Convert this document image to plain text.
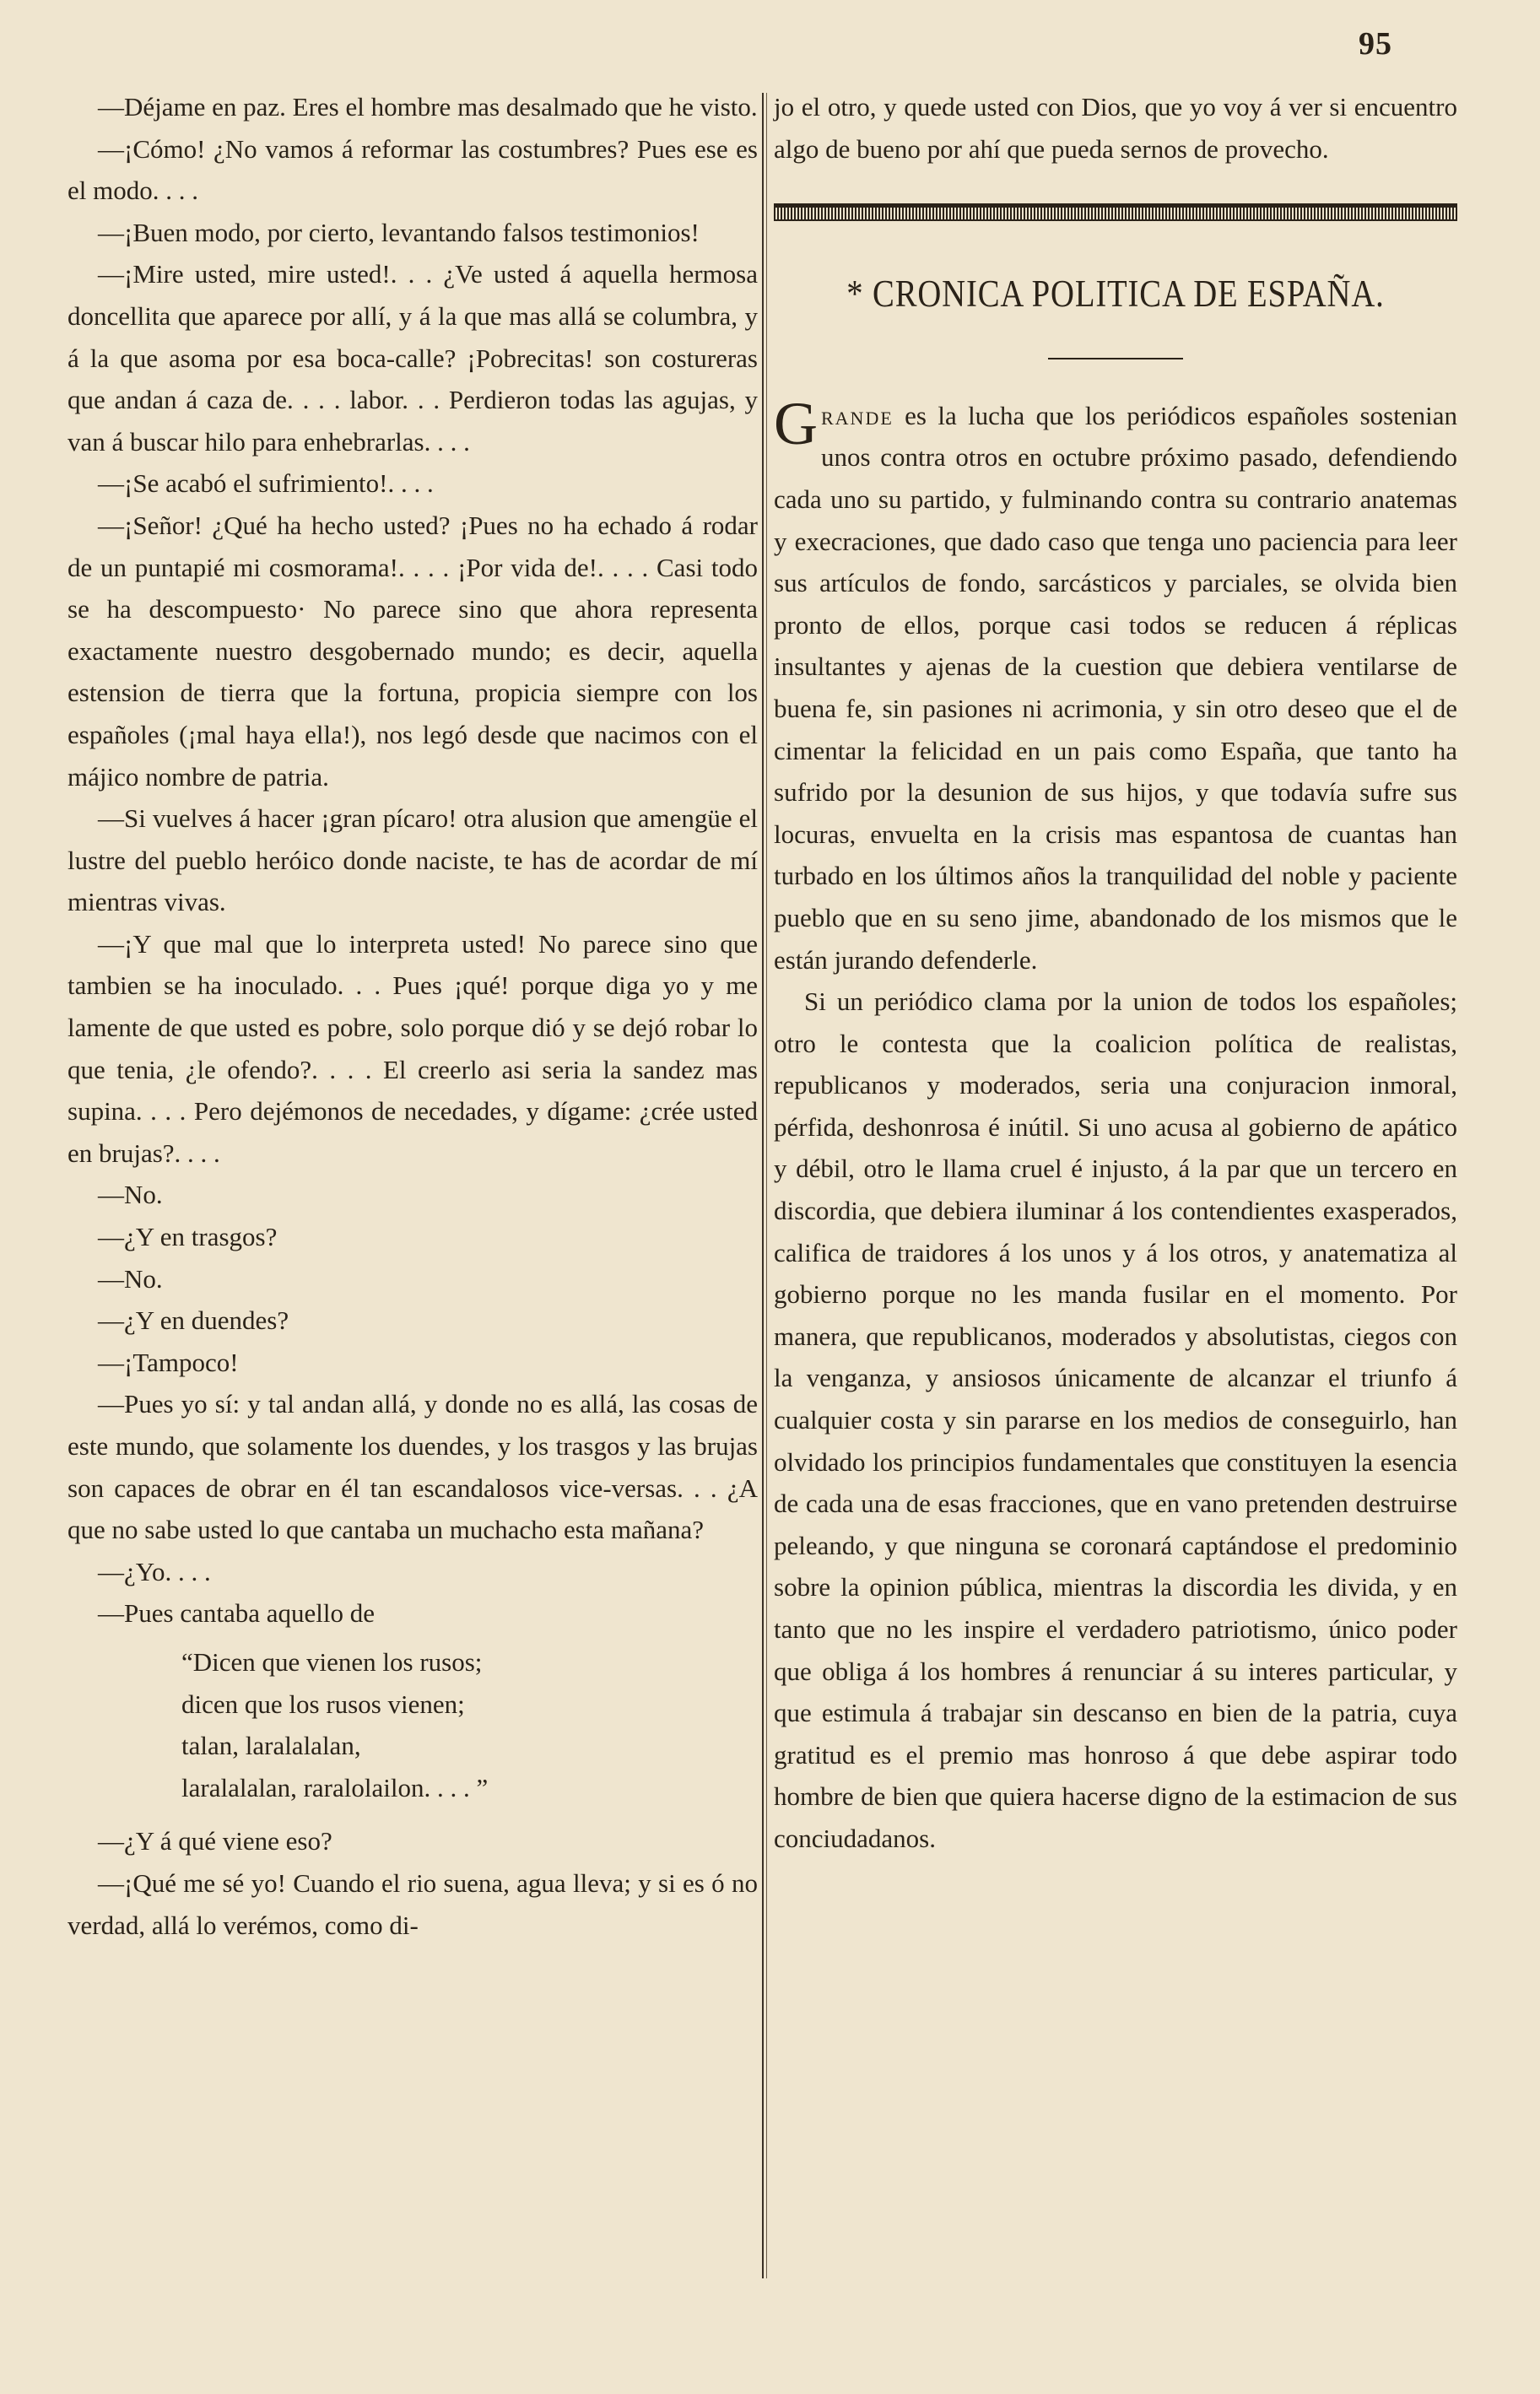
95

—Déjame en paz. Eres el hombre mas desalmado que he visto.

—¡Cómo! ¿No vamos á reformar las costumbres? Pues ese es el modo. . . .

—¡Buen modo, por cierto, levantando falsos testimonios!

—¡Mire usted, mire usted!. . . ¿Ve usted á aquella hermosa doncellita que aparece por allí, y á la que mas allá se columbra, y á la que asoma por esa boca-calle? ¡Pobrecitas! son costureras que andan á caza de. . . . labor. . . Perdieron todas las agujas, y van á buscar hilo para enhebrarlas. . . .

—¡Se acabó el sufrimiento!. . . .

—¡Señor! ¿Qué ha hecho usted? ¡Pues no ha echado á rodar de un puntapié mi cosmorama!. . . . ¡Por vida de!. . . . Casi todo se ha descompuesto· No parece sino que ahora representa exactamente nuestro desgobernado mundo; es decir, aquella estension de tierra que la fortuna, propicia siempre con los españoles (¡mal haya ella!), nos legó desde que nacimos con el májico nombre de patria.

—Si vuelves á hacer ¡gran pícaro! otra alusion que amengüe el lustre del pueblo heróico donde naciste, te has de acordar de mí mientras vivas.

—¡Y que mal que lo interpreta usted! No parece sino que tambien se ha inoculado. . . Pues ¡qué! porque diga yo y me lamente de que usted es pobre, solo porque dió y se dejó robar lo que tenia, ¿le ofendo?. . . . El creerlo asi seria la sandez mas supina. . . . Pero dejémonos de necedades, y dígame: ¿crée usted en brujas?. . . .

—No.

—¿Y en trasgos?

—No.

—¿Y en duendes?

—¡Tampoco!

—Pues yo sí: y tal andan allá, y donde no es allá, las cosas de este mundo, que solamente los duendes, y los trasgos y las brujas son capaces de obrar en él tan escandalosos vice-versas. . . ¿A que no sabe usted lo que cantaba un muchacho esta mañana?

—¿Yo. . . .

—Pues cantaba aquello de

“Dicen que vienen los rusos;
dicen que los rusos vienen;
talan, laralalalan,
laralalalan, raralolailon. . . . ”

—¿Y á qué viene eso?

—¡Qué me sé yo! Cuando el rio suena, agua lleva; y si es ó no verdad, allá lo verémos, como di-

jo el otro, y quede usted con Dios, que yo voy á ver si encuentro algo de bueno por ahí que pueda sernos de provecho.

* CRONICA POLITICA DE ESPAÑA.

Grande es la lucha que los periódicos españoles sostenian unos contra otros en octubre próximo pasado, defendiendo cada uno su partido, y fulminando contra su contrario anatemas y execraciones, que dado caso que tenga uno paciencia para leer sus artículos de fondo, sarcásticos y parciales, se olvida bien pronto de ellos, porque casi todos se reducen á réplicas insultantes y ajenas de la cuestion que debiera ventilarse de buena fe, sin pasiones ni acrimonia, y sin otro deseo que el de cimentar la felicidad en un pais como España, que tanto ha sufrido por la desunion de sus hijos, y que todavía sufre sus locuras, envuelta en la crisis mas espantosa de cuantas han turbado en los últimos años la tranquilidad del noble y paciente pueblo que en su seno jime, abandonado de los mismos que le están jurando defenderle.

Si un periódico clama por la union de todos los españoles; otro le contesta que la coalicion política de realistas, republicanos y moderados, seria una conjuracion inmoral, pérfida, deshonrosa é inútil. Si uno acusa al gobierno de apático y débil, otro le llama cruel é injusto, á la par que un tercero en discordia, que debiera iluminar á los contendientes exasperados, califica de traidores á los unos y á los otros, y anatematiza al gobierno porque no les manda fusilar en el momento. Por manera, que republicanos, moderados y absolutistas, ciegos con la venganza, y ansiosos únicamente de alcanzar el triunfo á cualquier costa y sin pararse en los medios de conseguirlo, han olvidado los principios fundamentales que constituyen la esencia de cada una de esas fracciones, que en vano pretenden destruirse peleando, y que ninguna se coronará captándose el predominio sobre la opinion pública, mientras la discordia les divida, y en tanto que no les inspire el verdadero patriotismo, único poder que obliga á los hombres á renunciar á su interes particular, y que estimula á trabajar sin descanso en bien de la patria, cuya gratitud es el premio mas honroso á que debe aspirar todo hombre de bien que quiera hacerse digno de la estimacion de sus conciudadanos.
